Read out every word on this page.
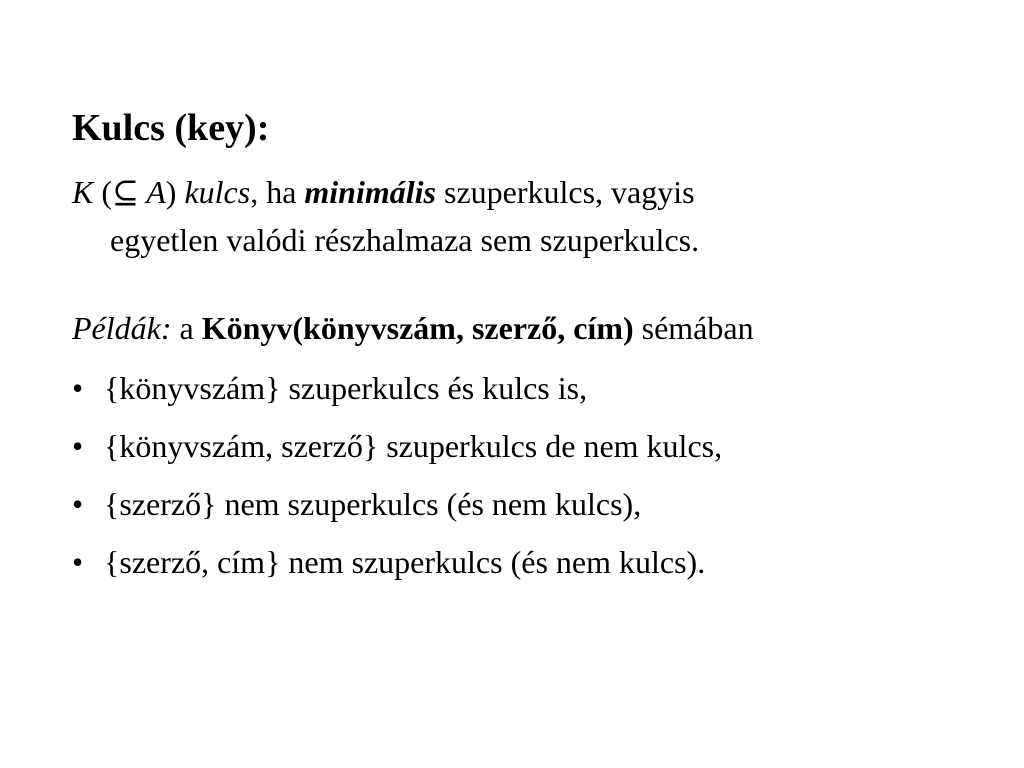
Kulcs (key):
K (⊆ A) kulcs, ha minimális szuperkulcs, vagyis
egyetlen valódi részhalmaza sem szuperkulcs.
Példák: a Könyv(könyvszám, szerző, cím) sémában
• {könyvszám} szuperkulcs és kulcs is,
• {könyvszám, szerző} szuperkulcs de nem kulcs,
• {szerző} nem szuperkulcs (és nem kulcs),
• {szerző, cím} nem szuperkulcs (és nem kulcs).
